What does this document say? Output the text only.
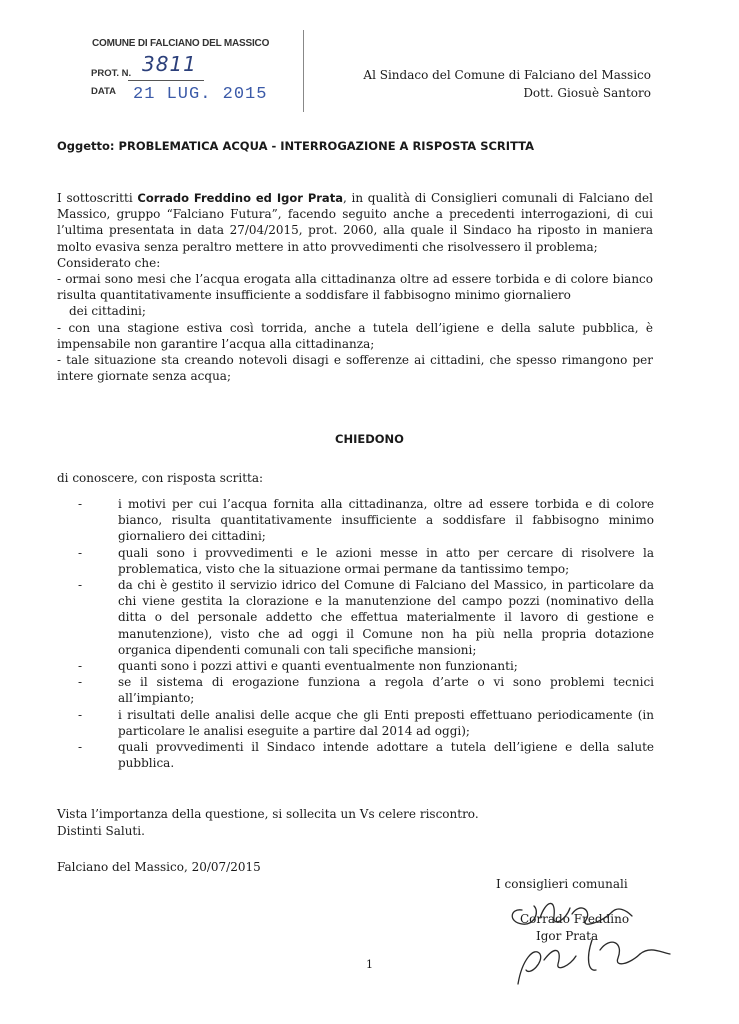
COMUNE DI FALCIANO DEL MASSICO
PROT. N. 3811
DATA 21 LUG. 2015
Al Sindaco del Comune di Falciano del Massico
Dott. Giosuè Santoro
Oggetto: PROBLEMATICA ACQUA - INTERROGAZIONE A RISPOSTA SCRITTA

I sottoscritti Corrado Freddino ed Igor Prata, in qualità di Consiglieri comunali di Falciano del Massico, gruppo “Falciano Futura”, facendo seguito anche a precedenti interrogazioni, di cui l’ultima presentata in data 27/04/2015, prot. 2060, alla quale il Sindaco ha riposto in maniera molto evasiva senza peraltro mettere in atto provvedimenti che risolvessero il problema;

Considerato che:

- ormai sono mesi che l’acqua erogata alla cittadinanza oltre ad essere torbida e di colore bianco risulta quantitativamente insufficiente a soddisfare il fabbisogno minimo giornaliero

dei cittadini;

- con una stagione estiva così torrida, anche a tutela dell’igiene e della salute pubblica, è impensabile non garantire l’acqua alla cittadinanza;

- tale situazione sta creando notevoli disagi e sofferenze ai cittadini, che spesso rimangono per intere giornate senza acqua;

CHIEDONO
di conoscere, con risposta scritta:
-	i motivi per cui l’acqua fornita alla cittadinanza, oltre ad essere torbida e di colore bianco, risulta quantitativamente insufficiente a soddisfare il fabbisogno minimo giornaliero dei cittadini;
-	quali sono i provvedimenti e le azioni messe in atto per cercare di risolvere la problematica, visto che la situazione ormai permane da tantissimo tempo;
-	da chi è gestito il servizio idrico del Comune di Falciano del Massico, in particolare da chi viene gestita la clorazione e la manutenzione del campo pozzi (nominativo della ditta o del personale addetto che effettua materialmente il lavoro di gestione e manutenzione), visto che ad oggi il Comune non ha più nella propria dotazione organica dipendenti comunali con tali specifiche mansioni;
-	quanti sono i pozzi attivi e quanti eventualmente non funzionanti;
-	se il sistema di erogazione funziona a regola d’arte o vi sono problemi tecnici all’impianto;
-	i risultati delle analisi delle acque che gli Enti preposti effettuano periodicamente (in particolare le analisi eseguite a partire dal 2014 ad oggi);
-	quali provvedimenti il Sindaco intende adottare a tutela dell’igiene e della salute pubblica.
Vista l’importanza della questione, si sollecita un Vs celere riscontro.
Distinti Saluti.
Falciano del Massico, 20/07/2015
I consiglieri comunali
Corrado Freddino
Igor Prata
1
